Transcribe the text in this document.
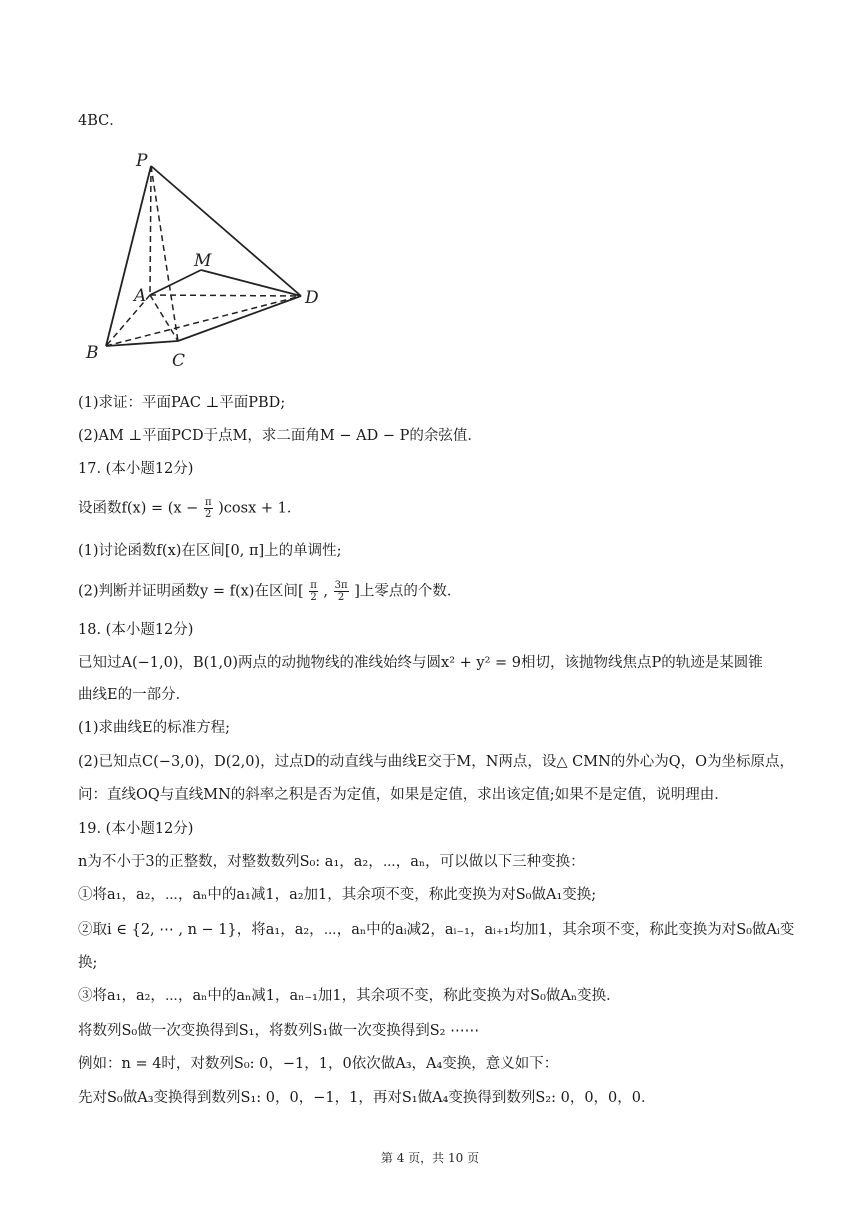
4BC．
P
M
A	D
B	C
(1)求证：平面PAC ⊥平面PBD;
(2)AM ⊥平面PCD于点M，求二面角M − AD − P的余弦值．
17. (本小题12分)
设函数$f(x) = (x - \frac{\pi}{2} )\cos x + 1$．
(1)讨论函数f(x)在区间[0, π]上的单调性;
(2)判断并证明函数y = f(x)在区间[ $\frac{\pi}{2}$ , $\frac{3\pi}{2}$ ]上零点的个数．
18. (本小题12分)
已知过A(−1,0)，B(1,0)两点的动抛物线的准线始终与圆x² + y² = 9相切，该抛物线焦点P的轨迹是某圆锥
曲线E的一部分．
(1)求曲线E的标准方程;
(2)已知点C(−3,0)，D(2,0)，过点D的动直线与曲线E交于M，N两点，设△ CMN的外心为Q，O为坐标原点，
问：直线OQ与直线MN的斜率之积是否为定值，如果是定值，求出该定值;如果不是定值，说明理由．
19. (本小题12分)
n为不小于3的正整数，对整数数列S₀: a₁，a₂，⋯，aₙ，可以做以下三种变换：
①将a₁，a₂，⋯，aₙ中的a₁减1，a₂加1，其余项不变，称此变换为对S₀做A₁变换;
②取i ∈ {2, ⋯ , n − 1}，将a₁，a₂，⋯，aₙ中的aᵢ减2，aᵢ₋₁，aᵢ₊₁均加1，其余项不变，称此变换为对S₀做Aᵢ变
换;
③将a₁，a₂，⋯，aₙ中的aₙ减1，aₙ₋₁加1，其余项不变，称此变换为对S₀做Aₙ变换．
将数列S₀做一次变换得到S₁，将数列S₁做一次变换得到S₂ ⋯⋯
例如：n = 4时，对数列S₀: 0，−1，1，0依次做A₃，A₄变换，意义如下：
先对S₀做A₃变换得到数列S₁: 0，0，−1，1，再对S₁做A₄变换得到数列S₂: 0，0，0，0．
第 4 页，共 10 页
